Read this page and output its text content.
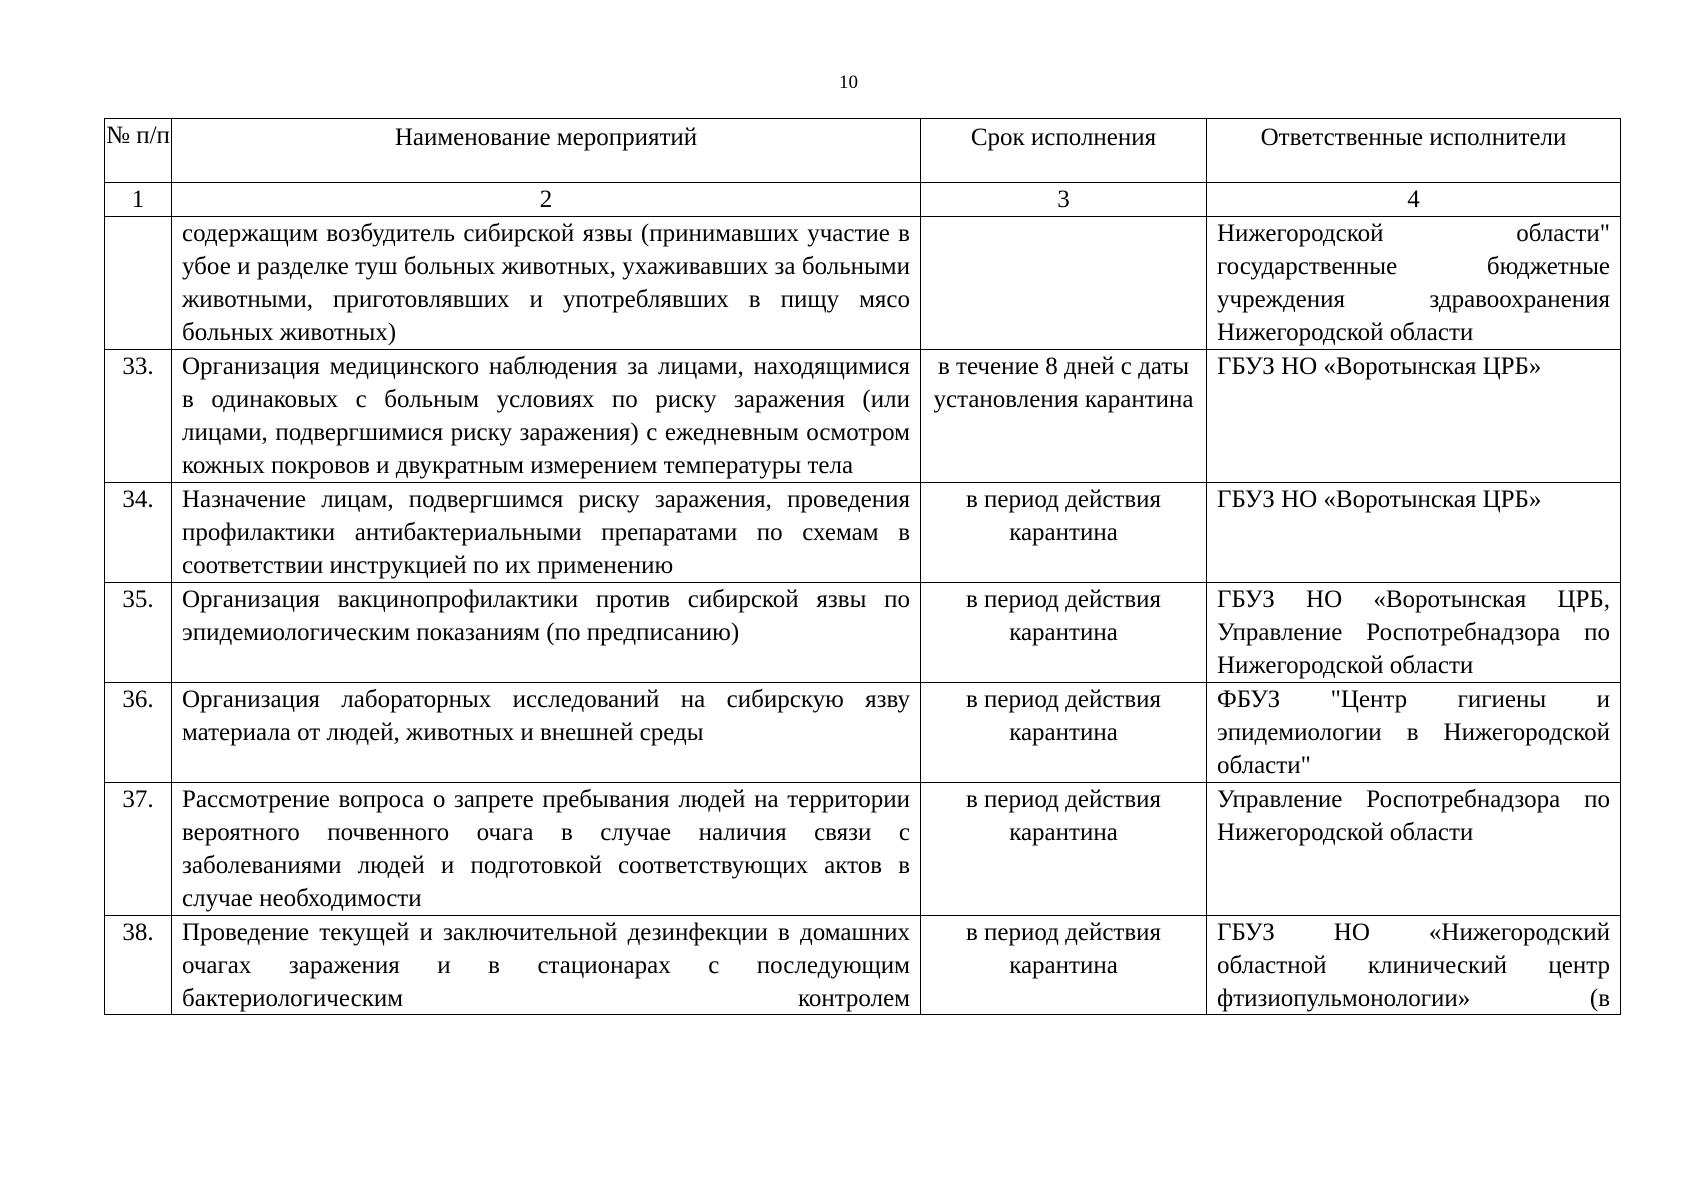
10
№ п/п	Наименование мероприятий	Срок исполнения	Ответственные исполнители
1	2	3	4
	содержащим возбудитель сибирской язвы (принимавших участие в убое и разделке туш больных животных, ухаживавших за больными животными, приготовлявших и употреблявших в пищу мясо больных животных)		Нижегородской области" государственные бюджетные учреждения здравоохранения Нижегородской области
33.	Организация медицинского наблюдения за лицами, находящимися в одинаковых с больным условиях по риску заражения (или лицами, подвергшимися риску заражения) с ежедневным осмотром кожных покровов и двукратным измерением температуры тела	в течение 8 дней с даты установления карантина	ГБУЗ НО «Воротынская ЦРБ»
34.	Назначение лицам, подвергшимся риску заражения, проведения профилактики антибактериальными препаратами по схемам в соответствии инструкцией по их применению	в период действия карантина	ГБУЗ НО «Воротынская ЦРБ»
35.	Организация вакцинопрофилактики против сибирской язвы по эпидемиологическим показаниям (по предписанию)	в период действия карантина	ГБУЗ НО «Воротынская ЦРБ, Управление Роспотребнадзора по Нижегородской области
36.	Организация лабораторных исследований на сибирскую язву материала от людей, животных и внешней среды	в период действия карантина	ФБУЗ "Центр гигиены и эпидемиологии в Нижегородской области"
37.	Рассмотрение вопроса о запрете пребывания людей на территории вероятного почвенного очага в случае наличия связи с заболеваниями людей и подготовкой соответствующих актов в случае необходимости	в период действия карантина	Управление Роспотребнадзора по Нижегородской области
38.	Проведение текущей и заключительной дезинфекции в домашних очагах заражения и в стационарах с последующим бактериологическим контролем	в период действия карантина	ГБУЗ НО «Нижегородский областной клинический центр фтизиопульмонологии» (в
